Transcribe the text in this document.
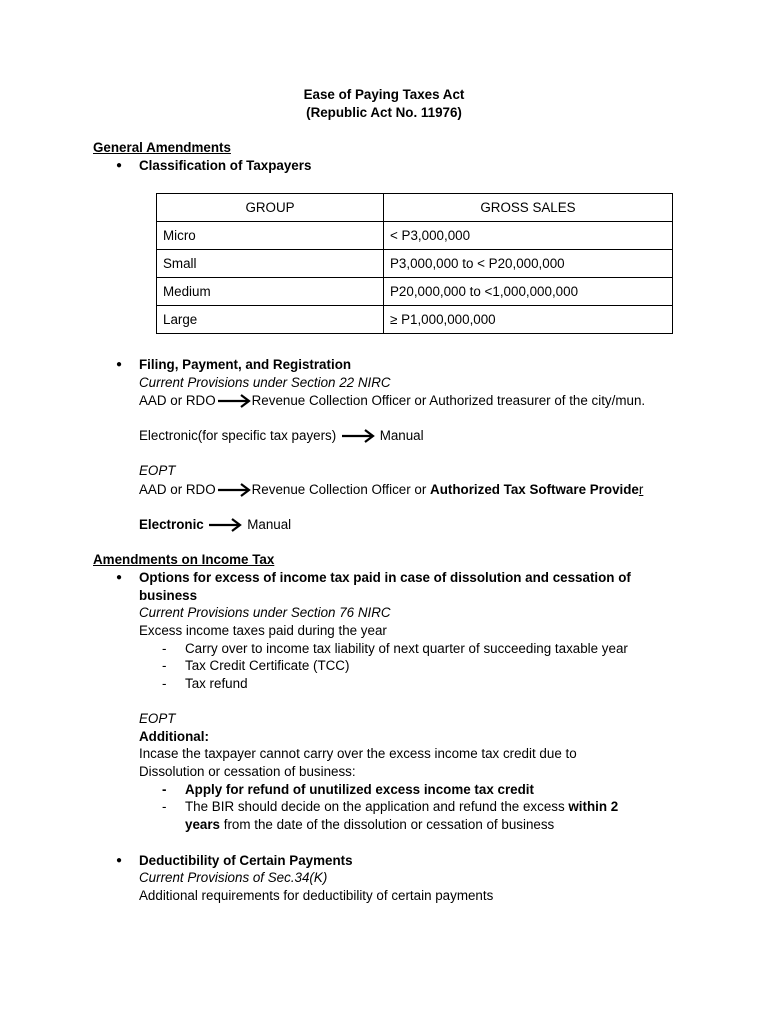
Ease of Paying Taxes Act
(Republic Act No. 11976)
General Amendments
● Classification of Taxpayers
GROUP	GROSS SALES
Micro	< P3,000,000
Small	P3,000,000 to < P20,000,000
Medium	P20,000,000 to <1,000,000,000
Large	≥ P1,000,000,000
● Filing, Payment, and Registration
Current Provisions under Section 22 NIRC
AAD or RDO	Revenue Collection Officer or Authorized treasurer of the city/mun.
Electronic(for specific tax payers)	Manual
EOPT
AAD or RDO	Revenue Collection Officer or Authorized Tax Software Provider
Electronic	Manual
Amendments on Income Tax
● Options for excess of income tax paid in case of dissolution and cessation of
business
Current Provisions under Section 76 NIRC
Excess income taxes paid during the year
- Carry over to income tax liability of next quarter of succeeding taxable year
- Tax Credit Certificate (TCC)
- Tax refund
EOPT
Additional:
Incase the taxpayer cannot carry over the excess income tax credit due to
Dissolution or cessation of business:
- Apply for refund of unutilized excess income tax credit
- The BIR should decide on the application and refund the excess within 2
years from the date of the dissolution or cessation of business
● Deductibility of Certain Payments
Current Provisions of Sec.34(K)
Additional requirements for deductibility of certain payments
